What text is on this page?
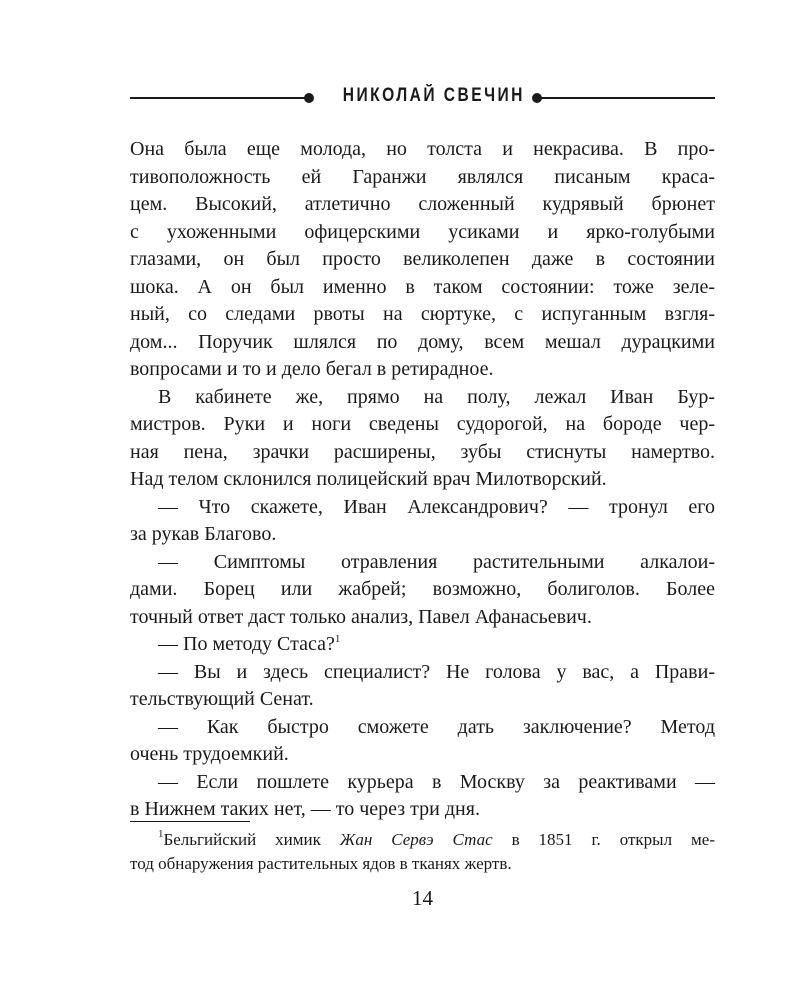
НИКОЛАЙ СВЕЧИН
Она была еще молода, но толста и некрасива. В про-
тивоположность ей Гаранжи являлся писаным краса-
цем. Высокий, атлетично сложенный кудрявый брюнет
с ухоженными офицерскими усиками и ярко-голубыми
глазами, он был просто великолепен даже в состоянии
шока. А он был именно в таком состоянии: тоже зеле-
ный, со следами рвоты на сюртуке, с испуганным взгля-
дом... Поручик шлялся по дому, всем мешал дурацкими
вопросами и то и дело бегал в ретирадное.
В кабинете же, прямо на полу, лежал Иван Бур-
мистров. Руки и ноги сведены судорогой, на бороде чер-
ная пена, зрачки расширены, зубы стиснуты намертво.
Над телом склонился полицейский врач Милотворский.
— Что скажете, Иван Александрович? — тронул его
за рукав Благово.
— Симптомы отравления растительными алкалои-
дами. Борец или жабрей; возможно, болиголов. Более
точный ответ даст только анализ, Павел Афанасьевич.
— По методу Стаса?$^1$
— Вы и здесь специалист? Не голова у вас, а Прави-
тельствующий Сенат.
— Как быстро сможете дать заключение? Метод
очень трудоемкий.
— Если пошлете курьера в Москву за реактивами —
в Нижнем таких нет, — то через три дня.
$^1$Бельгийский химик Жан Сервэ Стас в 1851 г. открыл ме-
тод обнаружения растительных ядов в тканях жертв.
14
